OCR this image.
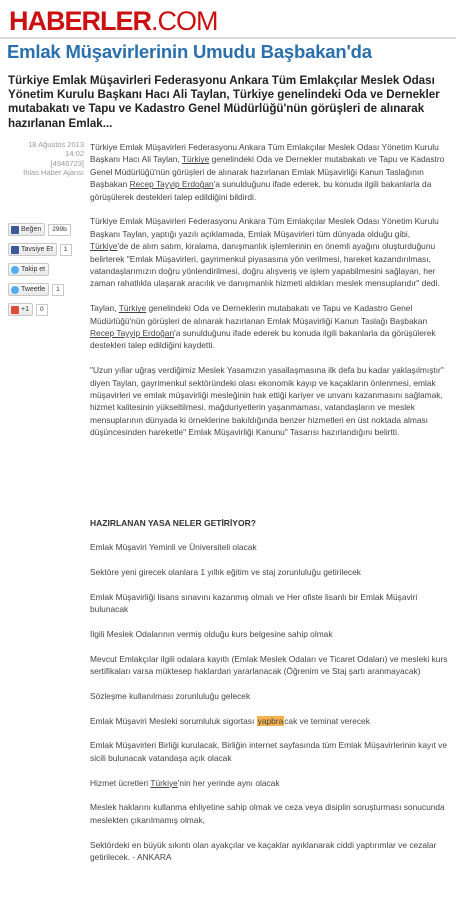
HABERLER .COM
Emlak Müşavirlerinin Umudu Başbakan'da
Türkiye Emlak Müşavirleri Federasyonu Ankara Tüm Emlakçılar Meslek Odası Yönetim Kurulu Başkanı Hacı Ali Taylan, Türkiye genelindeki Oda ve Dernekler mutabakatı ve Tapu ve Kadastro Genel Müdürlüğü'nün görüşleri de alınarak hazırlanan Emlak...
18 Ağustos 2013
14:02
[4946723]
İhlas Haber Ajansı
Beğen	299b
Tavsiye Et	1
Takip et
Tweetle	1
+1	0

Türkiye Emlak Müşavirleri Federasyonu Ankara Tüm Emlakçılar Meslek Odası Yönetim Kurulu Başkanı Hacı Ali Taylan, Türkiye genelindeki Oda ve Dernekler mutabakatı ve Tapu ve Kadastro Genel Müdürlüğü'nün görüşleri de alınarak hazırlanan Emlak Müşavirliği Kanun Taslağının Başbakan Recep Tayyip Erdoğan'a sunulduğunu ifade ederek, bu konuda ilgili bakanlarla da görüşülerek destekleri talep edildiğini bildirdi.

Türkiye Emlak Müşavirleri Federasyonu Ankara Tüm Emlakçılar Meslek Odası Yönetim Kurulu Başkanı Taylan, yaptığı yazılı açıklamada, Emlak Müşavirleri tüm dünyada olduğu gibi, Türkiye'de de alım satım, kiralama, danışmanlık işlemlerinin en önemli ayağını oluşturduğunu belirterek "Emlak Müşavirleri, gayrimenkul piyasasına yön verilmesi, hareket kazandırılması, vatandaşlarımızın doğru yönlendirilmesi, doğru alışveriş ve işlem yapabilmesini sağlayan, her zaman rahatlıkla ulaşarak aracılık ve danışmanlık hizmeti aldıkları meslek mensuplarıdır" dedi.

Taylan, Türkiye genelindeki Oda ve Derneklerin mutabakatı ve Tapu ve Kadastro Genel Müdürlüğü'nün görüşleri de alınarak hazırlanan Emlak Müşavirliği Kanun Taslağı Başbakan Recep Tayyip Erdoğan'a sunulduğunu ifade ederek bu konuda ilgili bakanlarla da görüşülerek destekleri talep edildiğini kaydetti.

"Uzun yıllar uğraş verdiğimiz Meslek Yasamızın yasallaşmasına ilk defa bu kadar yaklaşılmıştır" diyen Taylan, gayrimenkul sektöründeki olası ekonomik kayıp ve kaçakların önlenmesi, emlak müşavirleri ve emlak müşavirliği mesleğinin hak ettiği kariyer ve unvanı kazanmasını sağlamak, hizmet kalitesinin yükseltilmesi, mağduriyetlerin yaşanmaması, vatandaşların ve meslek mensuplarının dünyada ki örneklerine bakıldığında benzer hizmetleri en üst noktada alması düşüncesinden hareketle" Emlak Müşavirliği Kanunu" Tasarısı hazırlandığını belirtti.

HAZIRLANAN YASA NELER GETİRİYOR?

Emlak Müşaviri Yeminli ve Üniversiteli olacak

Sektöre yeni girecek olanlara 1 yıllık eğitim ve staj zorunluluğu getirilecek

Emlak Müşavirliği lisans sınavını kazanmış olmalı ve Her ofiste lisanlı bir Emlak Müşaviri bulunacak

İlgili Meslek Odalarının vermiş olduğu kurs belgesine sahip olmak

Mevcut Emlakçılar ilgili odalara kayıtlı (Emlak Meslek Odaları ve Ticaret Odaları) ve mesleki kurs sertifikaları varsa müktesep haklardan yararlanacak (Öğrenim ve Staj şartı aranmayacak)

Sözleşme kullanılması zorunluluğu gelecek

Emlak Müşaviri Mesleki sorumluluk sigortası yapbracak ve teminat verecek

Emlak Müşavirleri Birliği kurulacak, Birliğin internet sayfasında tüm Emlak Müşavirlerinin kayıt ve sicili bulunacak vatandaşa açık olacak

Hizmet ücretleri Türkiye'nin her yerinde aynı olacak

Meslek haklarını kullanma ehliyetine sahip olmak ve ceza veya disiplin soruşturması sonucunda meslekten çıkarılmamış olmak,

Sektördeki en büyük sıkıntı olan ayakçılar ve kaçaklar ayıklanarak ciddi yaptırımlar ve cezalar getirilecek. - ANKARA
